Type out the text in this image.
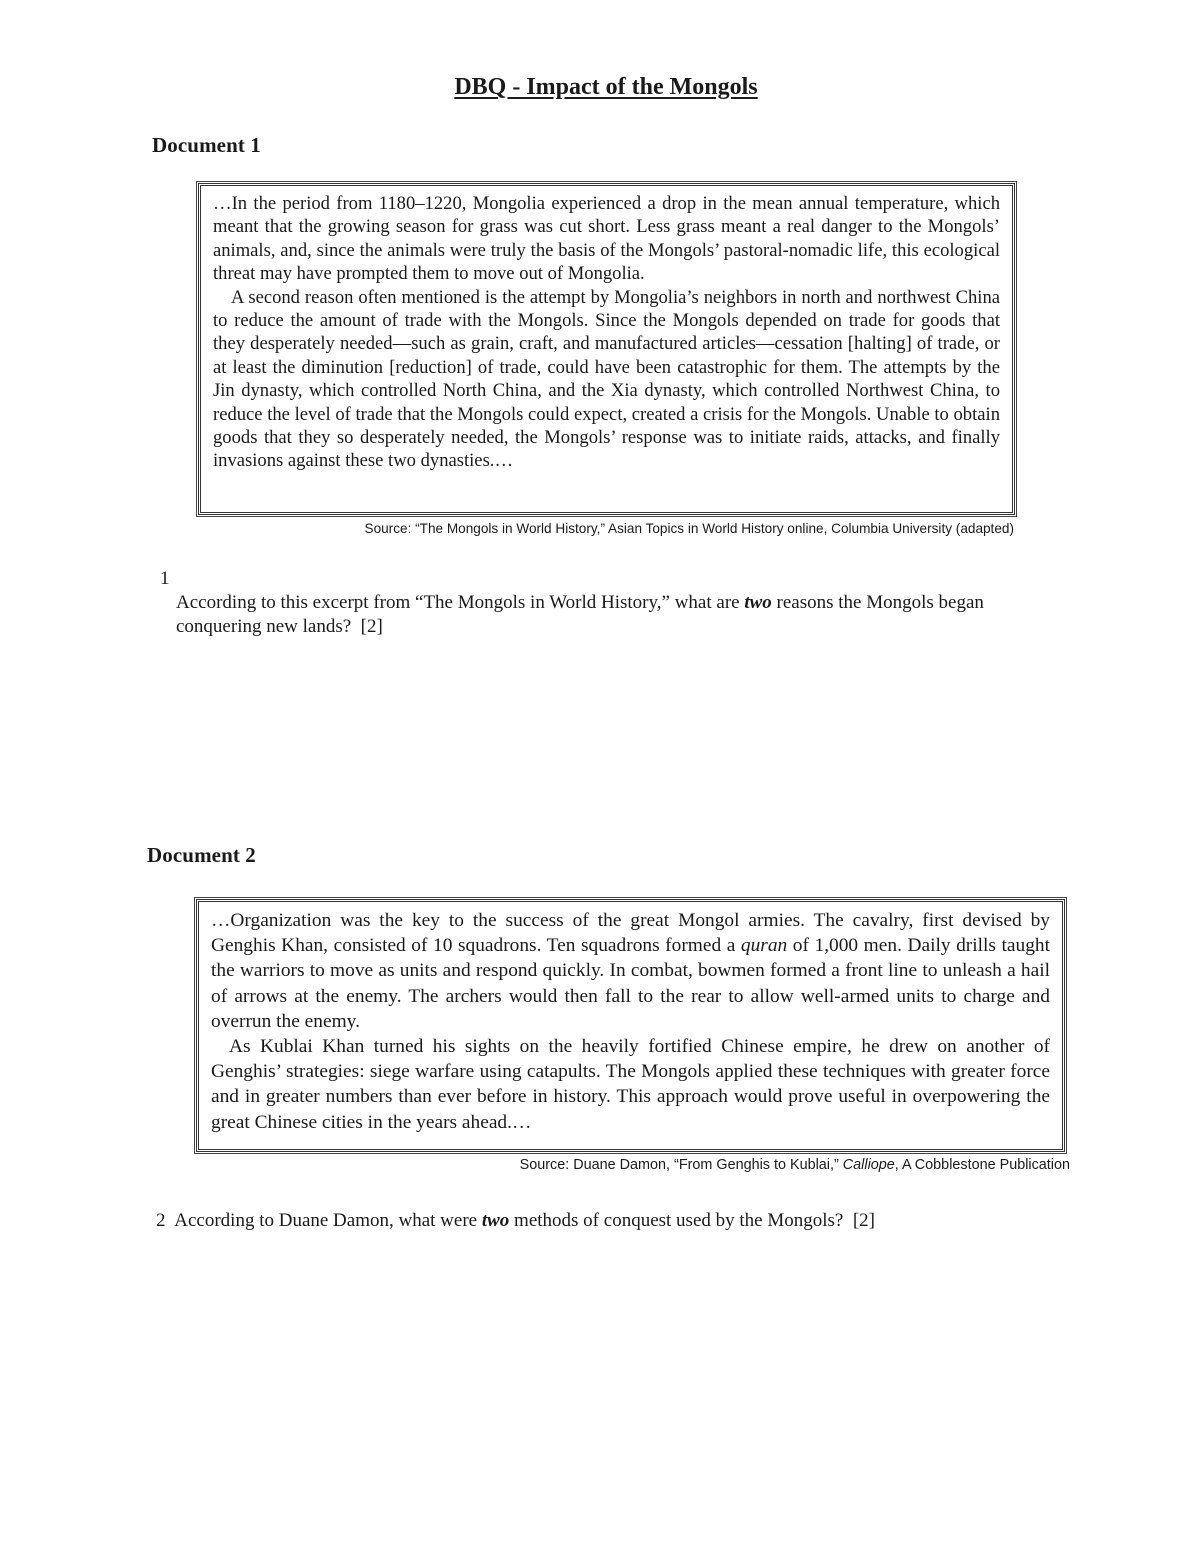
DBQ - Impact of the Mongols
Document 1

…In the period from 1180–1220, Mongolia experienced a drop in the mean annual temperature, which meant that the growing season for grass was cut short. Less grass meant a real danger to the Mongols’ animals, and, since the animals were truly the basis of the Mongols’ pastoral-nomadic life, this ecological threat may have prompted them to move out of Mongolia.

A second reason often mentioned is the attempt by Mongolia’s neighbors in north and northwest China to reduce the amount of trade with the Mongols. Since the Mongols depended on trade for goods that they desperately needed—such as grain, craft, and manufactured articles—cessation [halting] of trade, or at least the diminution [reduction] of trade, could have been catastrophic for them. The attempts by the Jin dynasty, which controlled North China, and the Xia dynasty, which controlled Northwest China, to reduce the level of trade that the Mongols could expect, created a crisis for the Mongols. Unable to obtain goods that they so desperately needed, the Mongols’ response was to initiate raids, attacks, and finally invasions against these two dynasties.…

Source: “The Mongols in World History,” Asian Topics in World History online, Columbia University (adapted)

1 According to this excerpt from “The Mongols in World History,” what are two reasons the Mongols began conquering new lands? [2]
Document 2

…Organization was the key to the success of the great Mongol armies. The cavalry, first devised by Genghis Khan, consisted of 10 squadrons. Ten squadrons formed a quran of 1,000 men. Daily drills taught the warriors to move as units and respond quickly. In combat, bowmen formed a front line to unleash a hail of arrows at the enemy. The archers would then fall to the rear to allow well-armed units to charge and overrun the enemy.

As Kublai Khan turned his sights on the heavily fortified Chinese empire, he drew on another of Genghis’ strategies: siege warfare using catapults. The Mongols applied these techniques with greater force and in greater numbers than ever before in history. This approach would prove useful in overpowering the great Chinese cities in the years ahead.…

Source: Duane Damon, “From Genghis to Kublai,” Calliope, A Cobblestone Publication

2 According to Duane Damon, what were two methods of conquest used by the Mongols? [2]
